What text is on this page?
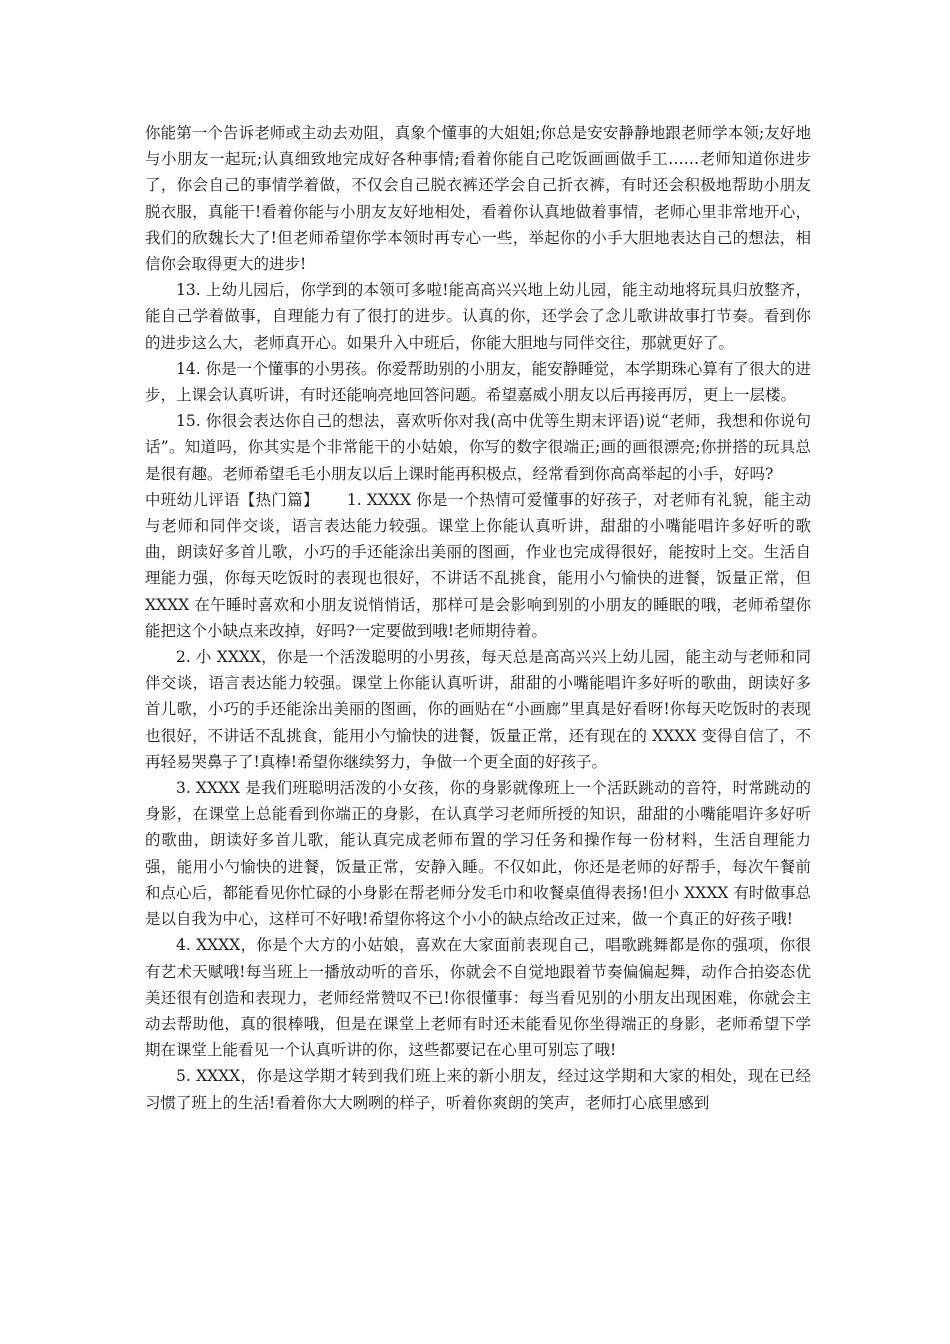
你能第一个告诉老师或主动去劝阻，真象个懂事的大姐姐;你总是安安静静地跟老师学本领;友好地与小朋友一起玩;认真细致地完成好各种事情;看着你能自己吃饭画画做手工……老师知道你进步了，你会自己的事情学着做，不仅会自己脱衣裤还学会自己折衣裤，有时还会积极地帮助小朋友脱衣服，真能干!看着你能与小朋友友好地相处，看着你认真地做着事情，老师心里非常地开心，我们的欣魏长大了!但老师希望你学本领时再专心一些，举起你的小手大胆地表达自己的想法，相信你会取得更大的进步!

13. 上幼儿园后，你学到的本领可多啦!能高高兴兴地上幼儿园，能主动地将玩具归放整齐，能自己学着做事，自理能力有了很打的进步。认真的你，还学会了念儿歌讲故事打节奏。看到你的进步这么大，老师真开心。如果升入中班后，你能大胆地与同伴交往，那就更好了。

14. 你是一个懂事的小男孩。你爱帮助别的小朋友，能安静睡觉，本学期珠心算有了很大的进步，上课会认真听讲，有时还能响亮地回答问题。希望嘉威小朋友以后再接再厉，更上一层楼。

15. 你很会表达你自己的想法，喜欢听你对我(高中优等生期末评语)说“老师，我想和你说句话”。知道吗，你其实是个非常能干的小姑娘，你写的数字很端正;画的画很漂亮;你拼搭的玩具总是很有趣。老师希望毛毛小朋友以后上课时能再积极点，经常看到你高高举起的小手，好吗?

中班幼儿评语【热门篇】 1. XXXX 你是一个热情可爱懂事的好孩子，对老师有礼貌，能主动与老师和同伴交谈，语言表达能力较强。课堂上你能认真听讲，甜甜的小嘴能唱许多好听的歌曲，朗读好多首儿歌，小巧的手还能涂出美丽的图画，作业也完成得很好，能按时上交。生活自理能力强，你每天吃饭时的表现也很好，不讲话不乱挑食，能用小勺愉快的进餐，饭量正常，但 XXXX 在午睡时喜欢和小朋友说悄悄话，那样可是会影响到别的小朋友的睡眠的哦，老师希望你能把这个小缺点来改掉，好吗?一定要做到哦!老师期待着。

2. 小 XXXX，你是一个活泼聪明的小男孩，每天总是高高兴兴上幼儿园，能主动与老师和同伴交谈，语言表达能力较强。课堂上你能认真听讲，甜甜的小嘴能唱许多好听的歌曲，朗读好多首儿歌，小巧的手还能涂出美丽的图画，你的画贴在“小画廊”里真是好看呀!你每天吃饭时的表现也很好，不讲话不乱挑食，能用小勺愉快的进餐，饭量正常，还有现在的 XXXX 变得自信了，不再轻易哭鼻子了!真棒!希望你继续努力，争做一个更全面的好孩子。

3. XXXX 是我们班聪明活泼的小女孩，你的身影就像班上一个活跃跳动的音符，时常跳动的身影，在课堂上总能看到你端正的身影，在认真学习老师所授的知识，甜甜的小嘴能唱许多好听的歌曲，朗读好多首儿歌，能认真完成老师布置的学习任务和操作每一份材料，生活自理能力强，能用小勺愉快的进餐，饭量正常，安静入睡。不仅如此，你还是老师的好帮手，每次午餐前和点心后，都能看见你忙碌的小身影在帮老师分发毛巾和收餐桌值得表扬!但小 XXXX 有时做事总是以自我为中心，这样可不好哦!希望你将这个小小的缺点给改正过来，做一个真正的好孩子哦!

4. XXXX，你是个大方的小姑娘，喜欢在大家面前表现自己，唱歌跳舞都是你的强项，你很有艺术天赋哦!每当班上一播放动听的音乐，你就会不自觉地跟着节奏偏偏起舞，动作合拍姿态优美还很有创造和表现力，老师经常赞叹不已!你很懂事：每当看见别的小朋友出现困难，你就会主动去帮助他，真的很棒哦，但是在课堂上老师有时还未能看见你坐得端正的身影，老师希望下学期在课堂上能看见一个认真听讲的你，这些都要记在心里可别忘了哦!

5. XXXX，你是这学期才转到我们班上来的新小朋友，经过这学期和大家的相处，现在已经习惯了班上的生活!看着你大大咧咧的样子，听着你爽朗的笑声，老师打心底里感到
